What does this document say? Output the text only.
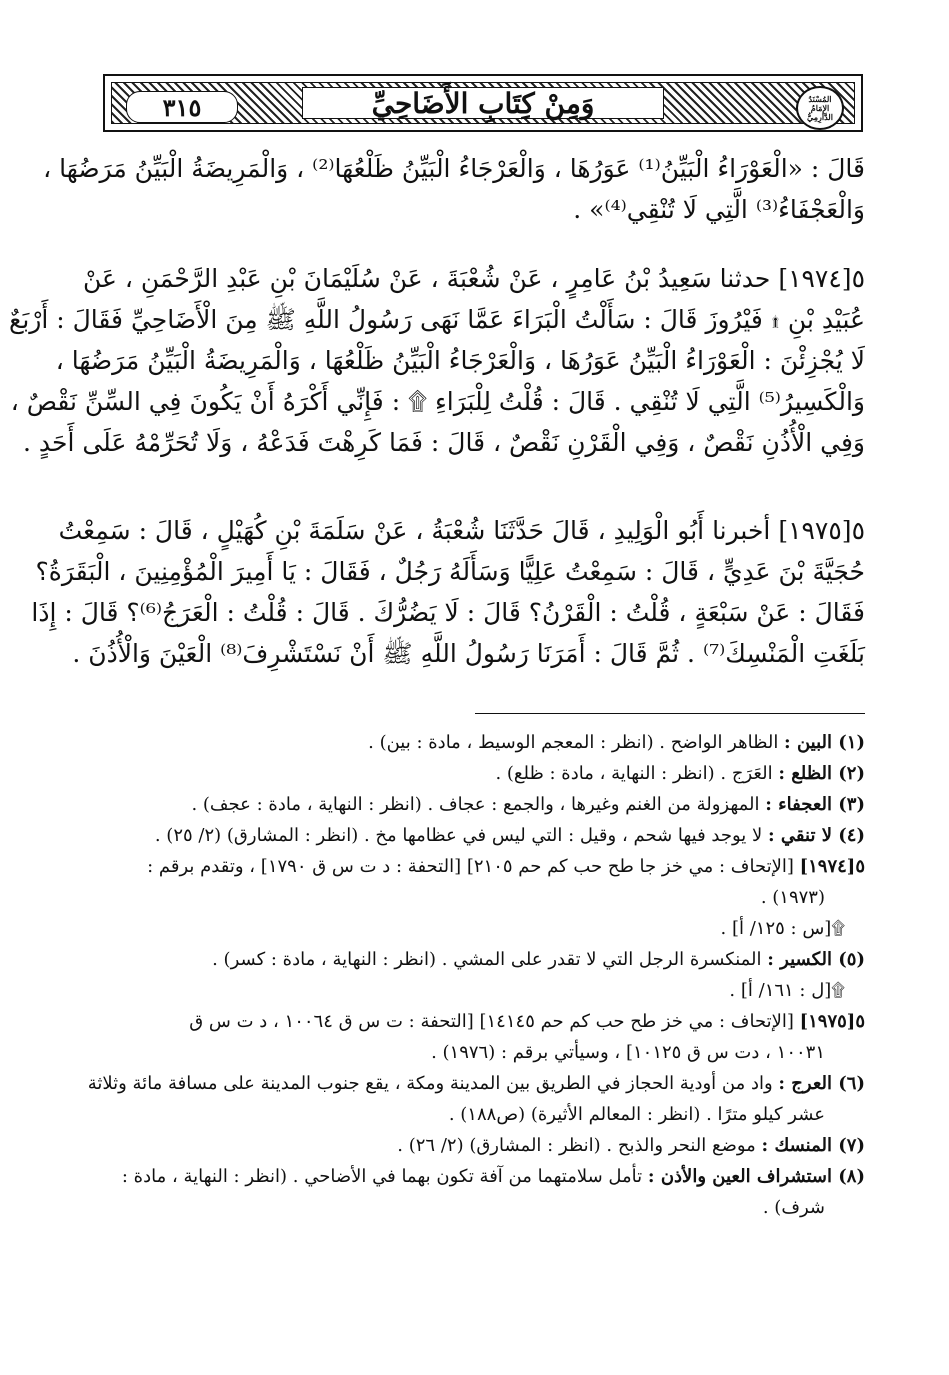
٣١٥	وَمِنْ كِتَابِ الأَضَاحِيِّ	المُسْنَدُ الإِمَامُ الدَّارِمِيُّ
قَالَ : «الْعَوْرَاءُ الْبَيِّنُ⁽¹⁾ عَوَرُهَا ، وَالْعَرْجَاءُ الْبَيِّنُ ظَلْعُهَا⁽²⁾ ، وَالْمَرِيضَةُ الْبَيِّنُ مَرَضُهَا ،
وَالْعَجْفَاءُ⁽³⁾ الَّتِي لَا تُنْقِي⁽⁴⁾» .
٥[١٩٧٤] حدثنا سَعِيدُ بْنُ عَامِرٍ ، عَنْ شُعْبَةَ ، عَنْ سُلَيْمَانَ بْنِ عَبْدِ الرَّحْمَنِ ، عَنْ
عُبَيْدِ بْنِ ۩ فَيْرُوزَ قَالَ : سَأَلْتُ الْبَرَاءَ عَمَّا نَهَى رَسُولُ اللَّهِ ﷺ مِنَ الْأَضَاحِيِّ فَقَالَ : أَرْبَعٌ
لَا يُجْزِئْنَ : الْعَوْرَاءُ الْبَيِّنُ عَوَرُهَا ، وَالْعَرْجَاءُ الْبَيِّنُ ظَلْعُهَا ، وَالْمَرِيضَةُ الْبَيِّنُ مَرَضُهَا ،
وَالْكَسِيرُ⁽⁵⁾ الَّتِي لَا تُنْقِي . قَالَ : قُلْتُ لِلْبَرَاءِ ۩ : فَإِنِّي أَكْرَهُ أَنْ يَكُونَ فِي السِّنِّ نَقْصٌ ،
وَفِي الْأُذُنِ نَقْصٌ ، وَفِي الْقَرْنِ نَقْصٌ ، قَالَ : فَمَا كَرِهْتَ فَدَعْهُ ، وَلَا تُحَرِّمْهُ عَلَى أَحَدٍ .
٥[١٩٧٥] أخبرنا أَبُو الْوَلِيدِ ، قَالَ حَدَّثَنَا شُعْبَةُ ، عَنْ سَلَمَةَ بْنِ كُهَيْلٍ ، قَالَ : سَمِعْتُ
حُجَيَّةَ بْنَ عَدِيٍّ ، قَالَ : سَمِعْتُ عَلِيًّا وَسَأَلَهُ رَجُلٌ ، فَقَالَ : يَا أَمِيرَ الْمُؤْمِنِينَ ، الْبَقَرَةُ؟
فَقَالَ : عَنْ سَبْعَةٍ ، قُلْتُ : الْقَرْنُ؟ قَالَ : لَا يَضُرُّكَ . قَالَ : قُلْتُ : الْعَرَجُ⁽⁶⁾؟ قَالَ : إِذَا
بَلَغَتِ الْمَنْسِكَ⁽⁷⁾ . ثُمَّ قَالَ : أَمَرَنَا رَسُولُ اللَّهِ ﷺ أَنْ نَسْتَشْرِفَ⁽⁸⁾ الْعَيْنَ وَالْأُذُنَ .
(١) البين : الظاهر الواضح . (انظر : المعجم الوسيط ، مادة : بين) .
(٢) الظلع : العَرَج . (انظر : النهاية ، مادة : ظلع) .
(٣) العجفاء : المهزولة من الغنم وغيرها ، والجمع : عجاف . (انظر : النهاية ، مادة : عجف) .
(٤) لا تنقي : لا يوجد فيها شحم ، وقيل : التي ليس في عظامها مخ . (انظر : المشارق) (٢/ ٢٥) .
٥[١٩٧٤] [الإتحاف : مي خز جا طح حب كم حم ٢١٠٥] [التحفة : د ت س ق ١٧٩٠] ، وتقدم برقم :
(١٩٧٣) .
۩[س : ١٢٥/ أ] .
(٥) الكسير : المنكسرة الرجل التي لا تقدر على المشي . (انظر : النهاية ، مادة : كسر) .
۩[ل : ١٦١/ أ] .
٥[١٩٧٥] [الإتحاف : مي خز طح حب كم حم ١٤١٤٥] [التحفة : ت س ق ١٠٠٦٤ ، د ت س ق
١٠٠٣١ ، دت س ق ١٠١٢٥] ، وسيأتي برقم : (١٩٧٦) .
(٦) العرج : واد من أودية الحجاز في الطريق بين المدينة ومكة ، يقع جنوب المدينة على مسافة مائة وثلاثة
عشر كيلو مترًا . (انظر : المعالم الأثيرة) (ص١٨٨) .
(٧) المنسك : موضع النحر والذبح . (انظر : المشارق) (٢/ ٢٦) .
(٨) استشراف العين والأذن : تأمل سلامتهما من آفة تكون بهما في الأضاحي . (انظر : النهاية ، مادة :
شرف) .
